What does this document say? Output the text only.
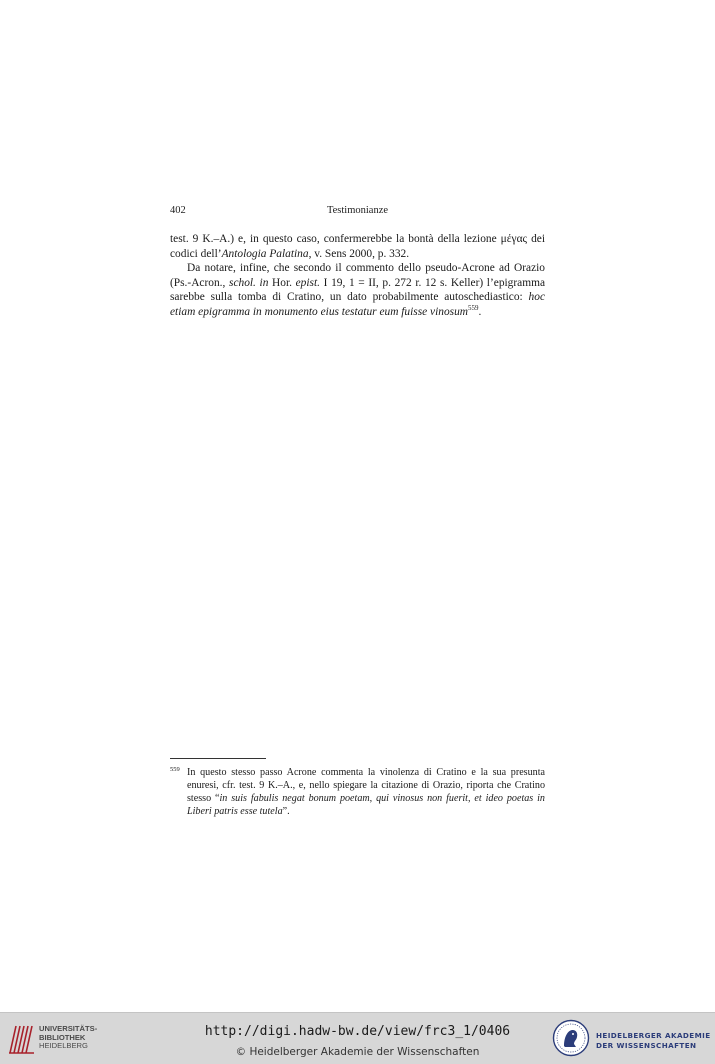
402	Testimonianze

test. 9 K.–A.) e, in questo caso, confermerebbe la bontà della lezione μέγας dei codici dell’Antologia Palatina, v. Sens 2000, p. 332.

Da notare, infine, che secondo il commento dello pseudo-Acrone ad Orazio (Ps.-Acron., schol. in Hor. epist. I 19, 1 = II, p. 272 r. 12 s. Keller) l’epigramma sarebbe sulla tomba di Cratino, un dato probabilmente autoschediastico: hoc etiam epigramma in monumento eius testatur eum fuisse vinosum$^{559}$.

559 In questo stesso passo Acrone commenta la vinolenza di Cratino e la sua presunta enuresi, cfr. test. 9 K.–A., e, nello spiegare la citazione di Orazio, riporta che Cratino stesso “in suis fabulis negat bonum poetam, qui vinosus non fuerit, et ideo poetas in Liberi patris esse tutela”.
UNIVERSITÄTS-
BIBLIOTHEK
HEIDELBERG
http://digi.hadw-bw.de/view/frc3_1/0406
© Heidelberger Akademie der Wissenschaften
HEIDELBERGER AKADEMIE
DER WISSENSCHAFTEN
